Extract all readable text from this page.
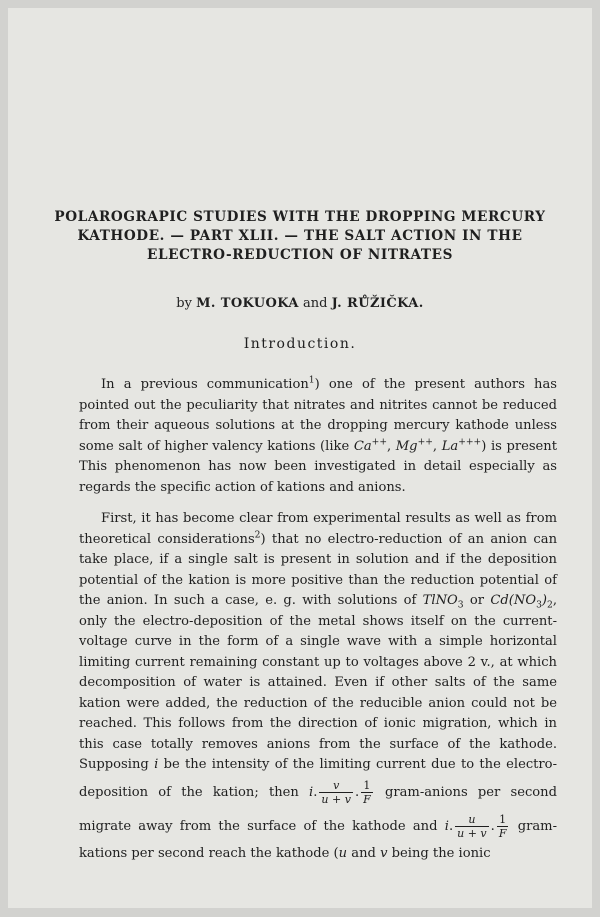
POLAROGRAPIC STUDIES WITH THE DROPPING MERCURY
KATHODE. — PART XLII. — THE SALT ACTION IN THE
ELECTRO-REDUCTION OF NITRATES
by M. TOKUOKA and J. RŮŽIČKA.
Introduction.

In a previous communication$^1$) one of the present authors has pointed out the peculiarity that nitrates and nitrites cannot be reduced from their aqueous solutions at the dropping mercury kathode unless some salt of higher valency kations (like Ca++, Mg++, La+++) is present This phenomenon has now been investigated in detail especially as regards the specific action of kations and anions.

First, it has become clear from experimental results as well as from theoretical considerations$^2$) that no electro-reduction of an anion can take place, if a single salt is present in solution and if the deposition potential of the kation is more positive than the reduction potential of the anion. In such a case, e. g. with solutions of TlNO$_3$ or $Cd(NO_3)_2$, only the electro-deposition of the metal shows itself on the current-voltage curve in the form of a single wave with a simple horizontal limiting current remaining constant up to voltages above 2 v., at which decomposition of water is attained. Even if other salts of the same kation were added, the reduction of the reducible anion could not be reached. This follows from the direction of ionic migration, which in this case totally removes anions from the surface of the kathode. Supposing i be the intensity of the limiting current due to the electro-deposition of the kation; then i. $\frac{v}{u + v}$ . $\frac{1}{F}$ gram-anions per second migrate away from the surface of the kathode and i. $\frac{u}{u + v}$ . $\frac{1}{F}$ gram-kations per second reach the kathode (u and v being the ionic
